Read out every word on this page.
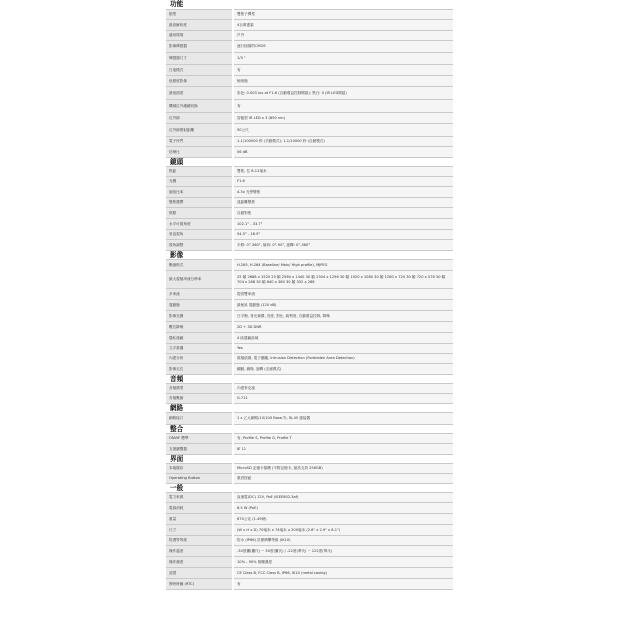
功能
類型	雙焦子彈型
最高解析度	4百萬畫素
適用環境	戶外
影像傳感器	逐行掃描的CMOS
傳感器尺寸	1/3 "
日夜模式	有
低照度影像	極暗態
最低照度	彩色: 0.003 lux at F1.6 (自動增益控制開啟); 黑白: 0 (IR LED開啟)
機械紅外濾鏡切換	有
紅外線	智能型 IR LED x 3 (850 nm)
紅外線照射距離	50公尺
電子快門	1-1/100000 秒 (手動模式); 1-1/10000 秒 (自動模式)
信噪比	56 dB
鏡頭
焦距	雙焦, 位 8-12毫米
光圈	F1.6
縮放比率	4.3x 光學變焦
變焦選擇	遠距離變焦
焦點	自動對焦
水平可視角度	102.1° - 33.7°
垂直視角	54.5° - 18.9°
視角調整	平移: 0°-360°, 傾斜: 0°-90°, 旋轉: 0°-360°
影像
壓縮格式	H.265, H.264 (Baseline/ Main/ High profile), MJPEG
最大視頻串流分辨率	25 幀 2688 x 1520 25 幀 2560 x 1440 30 幀 2304 x 1296 30 幀 1920 x 1080 30 幀 1280 x 720 30 幀 720 x 576 30 幀 704 x 288 30 幀 640 x 360 30 幀 352 x 288
多串流	提供雙串流
寬動態	最極致 寬動態 (120 dB)
影像光圈	白平衡, 背光補償, 亮度, 對比, 銳利度, 自動增益控制, 降噪
數位降噪	2D + 3D DNR
隱私遮蔽	4 區隱蔽區域
文字重疊	Yes
內建分析	視頻偵測, 電子圍籬, Intrusion Detection (Forbidden Area Detection)
影像走位	翻動, 鏡像, 旋轉 (走廊模式)
音頻
音頻類型	內建麥克風
音頻壓縮	G.711
網路
網路接口	1 x 乙太網路(10/100 Base-T), RJ-45 連接器
整合
ONVIF 標準	有, Profile S, Profile G, Profile T
支援瀏覽器	IE 11
界面
本地儲存	MicroSD 記憶卡插槽 (不附記憶卡, 最高支持 256GB)
Operating Button	重設按鈕
一般
電力來源	直流電(DC) 12V, PoE (IEEE802.3af)
電源消耗	6.5 W (PoE)
重量	670公克 (1.49磅)
尺寸	(W x H x D) 70毫米 x 74毫米 x 200毫米 (2.8" x 2.9" x 8.1")
防護等等級	防水 (IP66) 抗暴衝擊等級 (IK10)
操作溫度	-30度攝(攝氏) ~ 50度(攝氏) / -22度(華氏) ~ 122度(華氏)
操作濕度	10% - 90% 相關濕度
認證	CE Class B, FCC Class B, IP66, IK10 (metal casing)
實時時鐘 (RTC)	有
